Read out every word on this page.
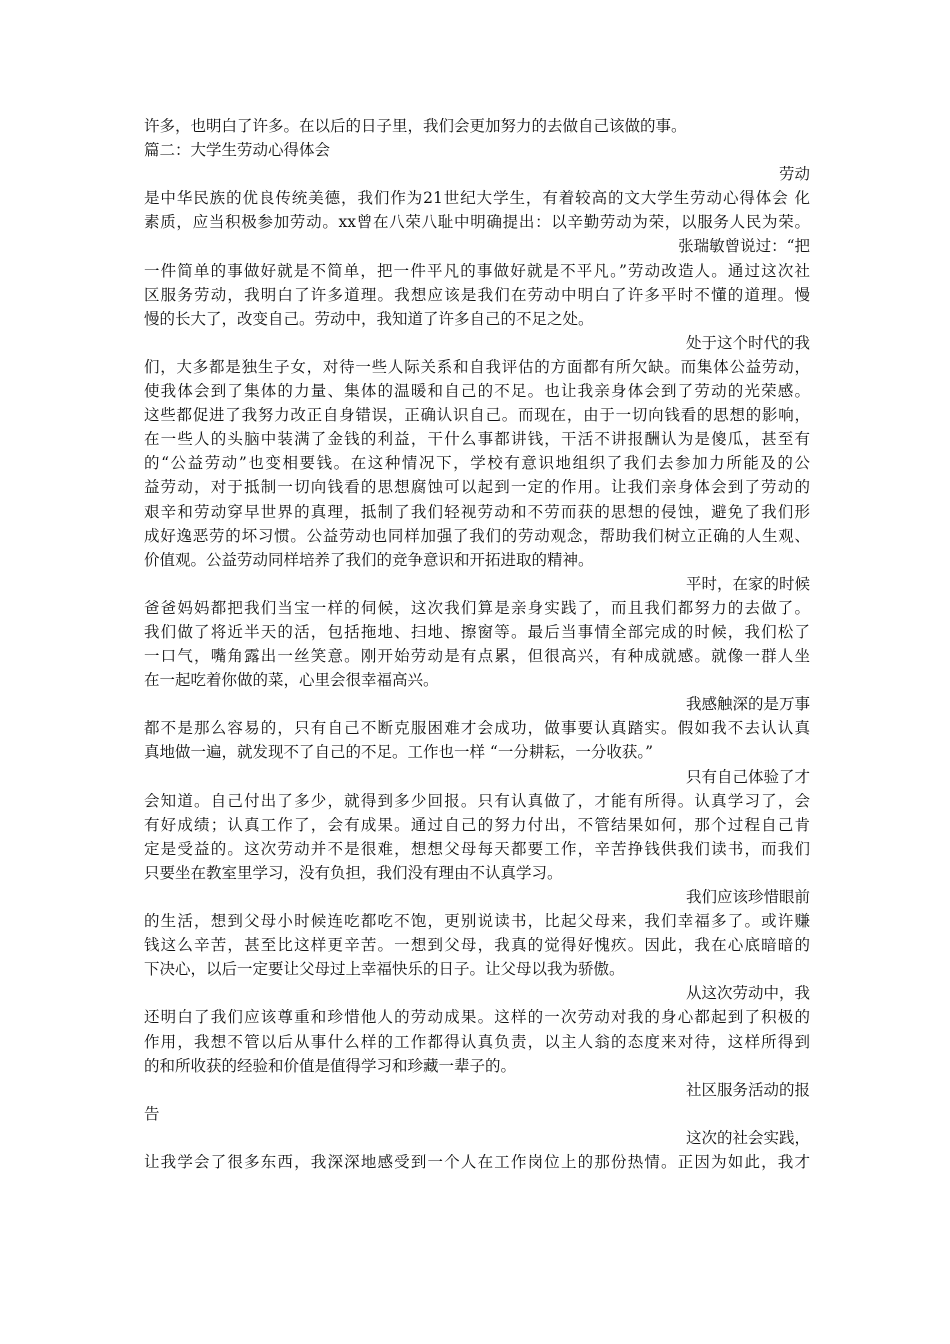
许多，也明白了许多。在以后的日子里，我们会更加努力的去做自己该做的事。
篇二：大学生劳动心得体会
劳动
是中华民族的优良传统美德，我们作为21世纪大学生，有着较高的文大学生劳动心得体会 化
素质，应当积极参加劳动。xx曾在八荣八耻中明确提出：以辛勤劳动为荣，以服务人民为荣。
张瑞敏曾说过：“把
一件简单的事做好就是不简单，把一件平凡的事做好就是不平凡。”劳动改造人。通过这次社
区服务劳动，我明白了许多道理。我想应该是我们在劳动中明白了许多平时不懂的道理。慢
慢的长大了，改变自己。劳动中，我知道了许多自己的不足之处。
处于这个时代的我
们，大多都是独生子女，对待一些人际关系和自我评估的方面都有所欠缺。而集体公益劳动，
使我体会到了集体的力量、集体的温暖和自己的不足。也让我亲身体会到了劳动的光荣感。
这些都促进了我努力改正自身错误，正确认识自己。而现在，由于一切向钱看的思想的影响，
在一些人的头脑中装满了金钱的利益，干什么事都讲钱，干活不讲报酬认为是傻瓜，甚至有
的“公益劳动”也变相要钱。在这种情况下，学校有意识地组织了我们去参加力所能及的公
益劳动，对于抵制一切向钱看的思想腐蚀可以起到一定的作用。让我们亲身体会到了劳动的
艰辛和劳动穿早世界的真理，抵制了我们轻视劳动和不劳而获的思想的侵蚀，避免了我们形
成好逸恶劳的坏习惯。公益劳动也同样加强了我们的劳动观念，帮助我们树立正确的人生观、
价值观。公益劳动同样培养了我们的竞争意识和开拓进取的精神。
平时，在家的时候
爸爸妈妈都把我们当宝一样的伺候，这次我们算是亲身实践了，而且我们都努力的去做了。
我们做了将近半天的活，包括拖地、扫地、擦窗等。最后当事情全部完成的时候，我们松了
一口气，嘴角露出一丝笑意。刚开始劳动是有点累，但很高兴，有种成就感。就像一群人坐
在一起吃着你做的菜，心里会很幸福高兴。
我感触深的是万事
都不是那么容易的，只有自己不断克服困难才会成功，做事要认真踏实。假如我不去认认真
真地做一遍，就发现不了自己的不足。工作也一样 “一分耕耘，一分收获。”
只有自己体验了才
会知道。自己付出了多少，就得到多少回报。只有认真做了，才能有所得。认真学习了，会
有好成绩；认真工作了，会有成果。通过自己的努力付出，不管结果如何，那个过程自己肯
定是受益的。这次劳动并不是很难，想想父母每天都要工作，辛苦挣钱供我们读书，而我们
只要坐在教室里学习，没有负担，我们没有理由不认真学习。
我们应该珍惜眼前
的生活，想到父母小时候连吃都吃不饱，更别说读书，比起父母来，我们幸福多了。或许赚
钱这么辛苦，甚至比这样更辛苦。一想到父母，我真的觉得好愧疚。因此，我在心底暗暗的
下决心，以后一定要让父母过上幸福快乐的日子。让父母以我为骄傲。
从这次劳动中，我
还明白了我们应该尊重和珍惜他人的劳动成果。这样的一次劳动对我的身心都起到了积极的
作用，我想不管以后从事什么样的工作都得认真负责，以主人翁的态度来对待，这样所得到
的和所收获的经验和价值是值得学习和珍藏一辈子的。
社区服务活动的报
告
这次的社会实践，
让我学会了很多东西，我深深地感受到一个人在工作岗位上的那份热情。正因为如此，我才
